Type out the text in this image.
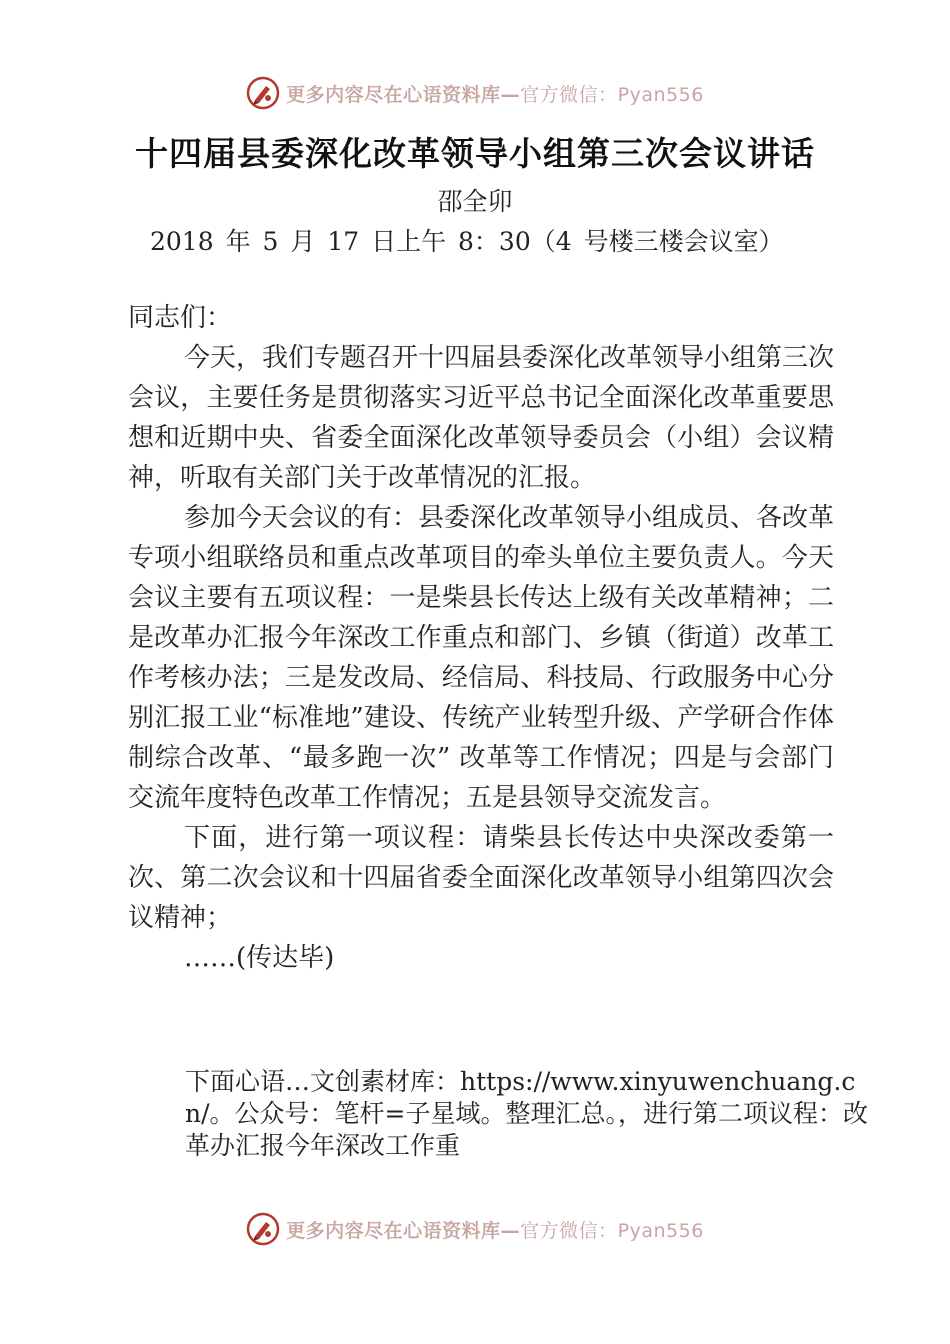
更多内容尽在心语资料库—官方微信：Pyan556
十四届县委深化改革领导小组第三次会议讲话
邵全卯
2018 年 5 月 17 日上午 8：30（4 号楼三楼会议室）

同志们：

今天，我们专题召开十四届县委深化改革领导小组第三次会议，主要任务是贯彻落实习近平总书记全面深化改革重要思想和近期中央、省委全面深化改革领导委员会（小组）会议精神，听取有关部门关于改革情况的汇报。

参加今天会议的有：县委深化改革领导小组成员、各改革专项小组联络员和重点改革项目的牵头单位主要负责人。今天会议主要有五项议程：一是柴县长传达上级有关改革精神；二是改革办汇报今年深改工作重点和部门、乡镇（街道）改革工作考核办法；三是发改局、经信局、科技局、行政服务中心分别汇报工业“标准地”建设、传统产业转型升级、产学研合作体制综合改革、“最多跑一次” 改革等工作情况；四是与会部门交流年度特色改革工作情况；五是县领导交流发言。

下面，进行第一项议程：请柴县长传达中央深改委第一次、第二次会议和十四届省委全面深化改革领导小组第四次会议精神；

……(传达毕)

下面心语…文创素材库：https://www.xinyuwenchuang.cn/。公众号：笔杆=子星域。整理汇总。，进行第二项议程：改革办汇报今年深改工作重
更多内容尽在心语资料库—官方微信：Pyan556
